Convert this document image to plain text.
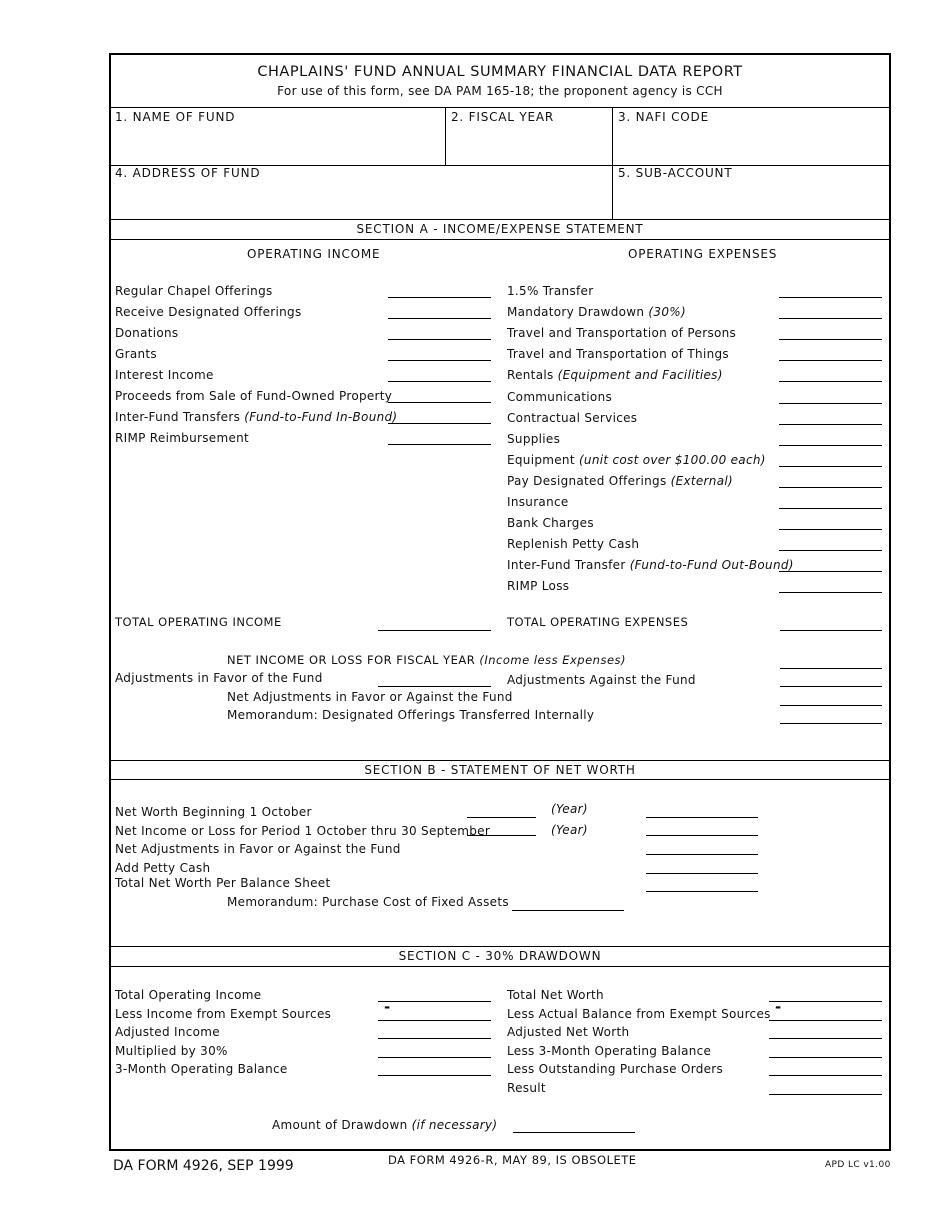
CHAPLAINS' FUND ANNUAL SUMMARY FINANCIAL DATA REPORT
For use of this form, see DA PAM 165-18; the proponent agency is CCH
1. NAME OF FUND	2. FISCAL YEAR	3. NAFI CODE
4. ADDRESS OF FUND	5. SUB-ACCOUNT
SECTION A - INCOME/EXPENSE STATEMENT
OPERATING INCOME	OPERATING EXPENSES
Regular Chapel Offerings
Receive Designated Offerings
Donations
Grants
Interest Income
Proceeds from Sale of Fund-Owned Property
Inter-Fund Transfers (Fund-to-Fund In-Bound)
RIMP Reimbursement
1.5% Transfer
Mandatory Drawdown (30%)
Travel and Transportation of Persons
Travel and Transportation of Things
Rentals (Equipment and Facilities)
Communications
Contractual Services
Supplies
Equipment (unit cost over $100.00 each)
Pay Designated Offerings (External)
Insurance
Bank Charges
Replenish Petty Cash
Inter-Fund Transfer (Fund-to-Fund Out-Bound)
RIMP Loss
TOTAL OPERATING INCOME	TOTAL OPERATING EXPENSES
NET INCOME OR LOSS FOR FISCAL YEAR (Income less Expenses)
Adjustments in Favor of the Fund	Adjustments Against the Fund
Net Adjustments in Favor or Against the Fund
Memorandum: Designated Offerings Transferred Internally
SECTION B - STATEMENT OF NET WORTH
Net Worth Beginning 1 October	(Year)
Net Income or Loss for Period 1 October thru 30 September	(Year)
Net Adjustments in Favor or Against the Fund
Add Petty Cash
Total Net Worth Per Balance Sheet
Memorandum: Purchase Cost of Fixed Assets
SECTION C - 30% DRAWDOWN
Total Operating Income
Less Income from Exempt Sources
Adjusted Income
Multiplied by 30%
3-Month Operating Balance
Total Net Worth
Less Actual Balance from Exempt Sources
Adjusted Net Worth
Less 3-Month Operating Balance
Less Outstanding Purchase Orders
Result
-	-
Amount of Drawdown (if necessary)
DA FORM 4926, SEP 1999	DA FORM 4926-R, MAY 89, IS OBSOLETE	APD LC v1.00
